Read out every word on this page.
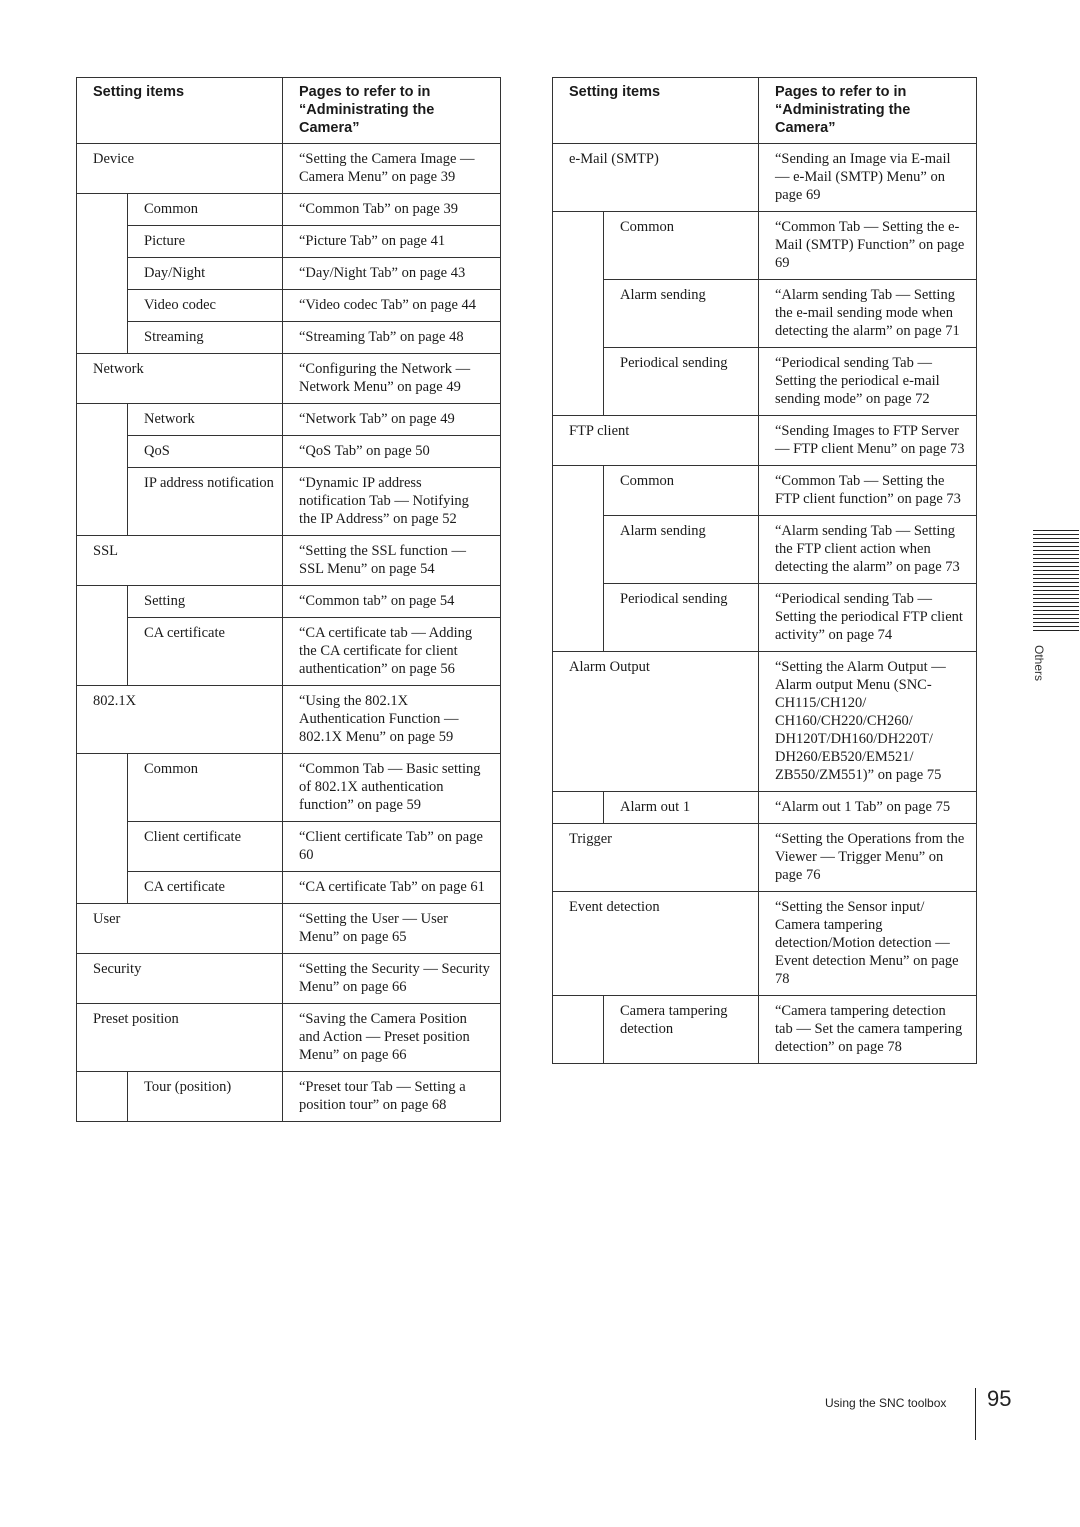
Setting items		Pages to refer to in “Administrating the Camera”
Device		“Setting the Camera Image — Camera Menu” on page 39
	Common	“Common Tab” on page 39
	Picture	“Picture Tab” on page 41
	Day/Night	“Day/Night Tab” on page 43
	Video codec	“Video codec Tab” on page 44
	Streaming	“Streaming Tab” on page 48
Network		“Configuring the Network — Network Menu” on page 49
	Network	“Network Tab” on page 49
	QoS	“QoS Tab” on page 50
	IP address notification	“Dynamic IP address notification Tab — Notifying the IP Address” on page 52
SSL		“Setting the SSL function — SSL Menu” on page 54
	Setting	“Common tab” on page 54
	CA certificate	“CA certificate tab — Adding the CA certificate for client authentication” on page 56
802.1X		“Using the 802.1X Authentication Function — 802.1X Menu” on page 59
	Common	“Common Tab — Basic setting of 802.1X authentication function” on page 59
	Client certificate	“Client certificate Tab” on page 60
	CA certificate	“CA certificate Tab” on page 61
User		“Setting the User — User Menu” on page 65
Security		“Setting the Security — Security Menu” on page 66
Preset position		“Saving the Camera Position and Action — Preset position Menu” on page 66
	Tour (position)	“Preset tour Tab — Setting a position tour” on page 68
Setting items		Pages to refer to in “Administrating the Camera”
e-Mail (SMTP)		“Sending an Image via E-mail — e-Mail (SMTP) Menu” on page 69
	Common	“Common Tab — Setting the e-Mail (SMTP) Function” on page 69
	Alarm sending	“Alarm sending Tab — Setting the e-mail sending mode when detecting the alarm” on page 71
	Periodical sending	“Periodical sending Tab — Setting the periodical e-mail sending mode” on page 72
FTP client		“Sending Images to FTP Server — FTP client Menu” on page 73
	Common	“Common Tab — Setting the FTP client function” on page 73
	Alarm sending	“Alarm sending Tab — Setting the FTP client action when detecting the alarm” on page 73
	Periodical sending	“Periodical sending Tab — Setting the periodical FTP client activity” on page 74
Alarm Output		“Setting the Alarm Output — Alarm output Menu (SNC-CH115/CH120/ CH160/CH220/CH260/ DH120T/DH160/DH220T/ DH260/EB520/EM521/ ZB550/ZM551)” on page 75
	Alarm out 1	“Alarm out 1 Tab” on page 75
Trigger		“Setting the Operations from the Viewer — Trigger Menu” on page 76
Event detection		“Setting the Sensor input/ Camera tampering detection/Motion detection — Event detection Menu” on page 78
	Camera tampering detection	“Camera tampering detection tab — Set the camera tampering detection” on page 78
Others
Using the SNC toolbox 95
